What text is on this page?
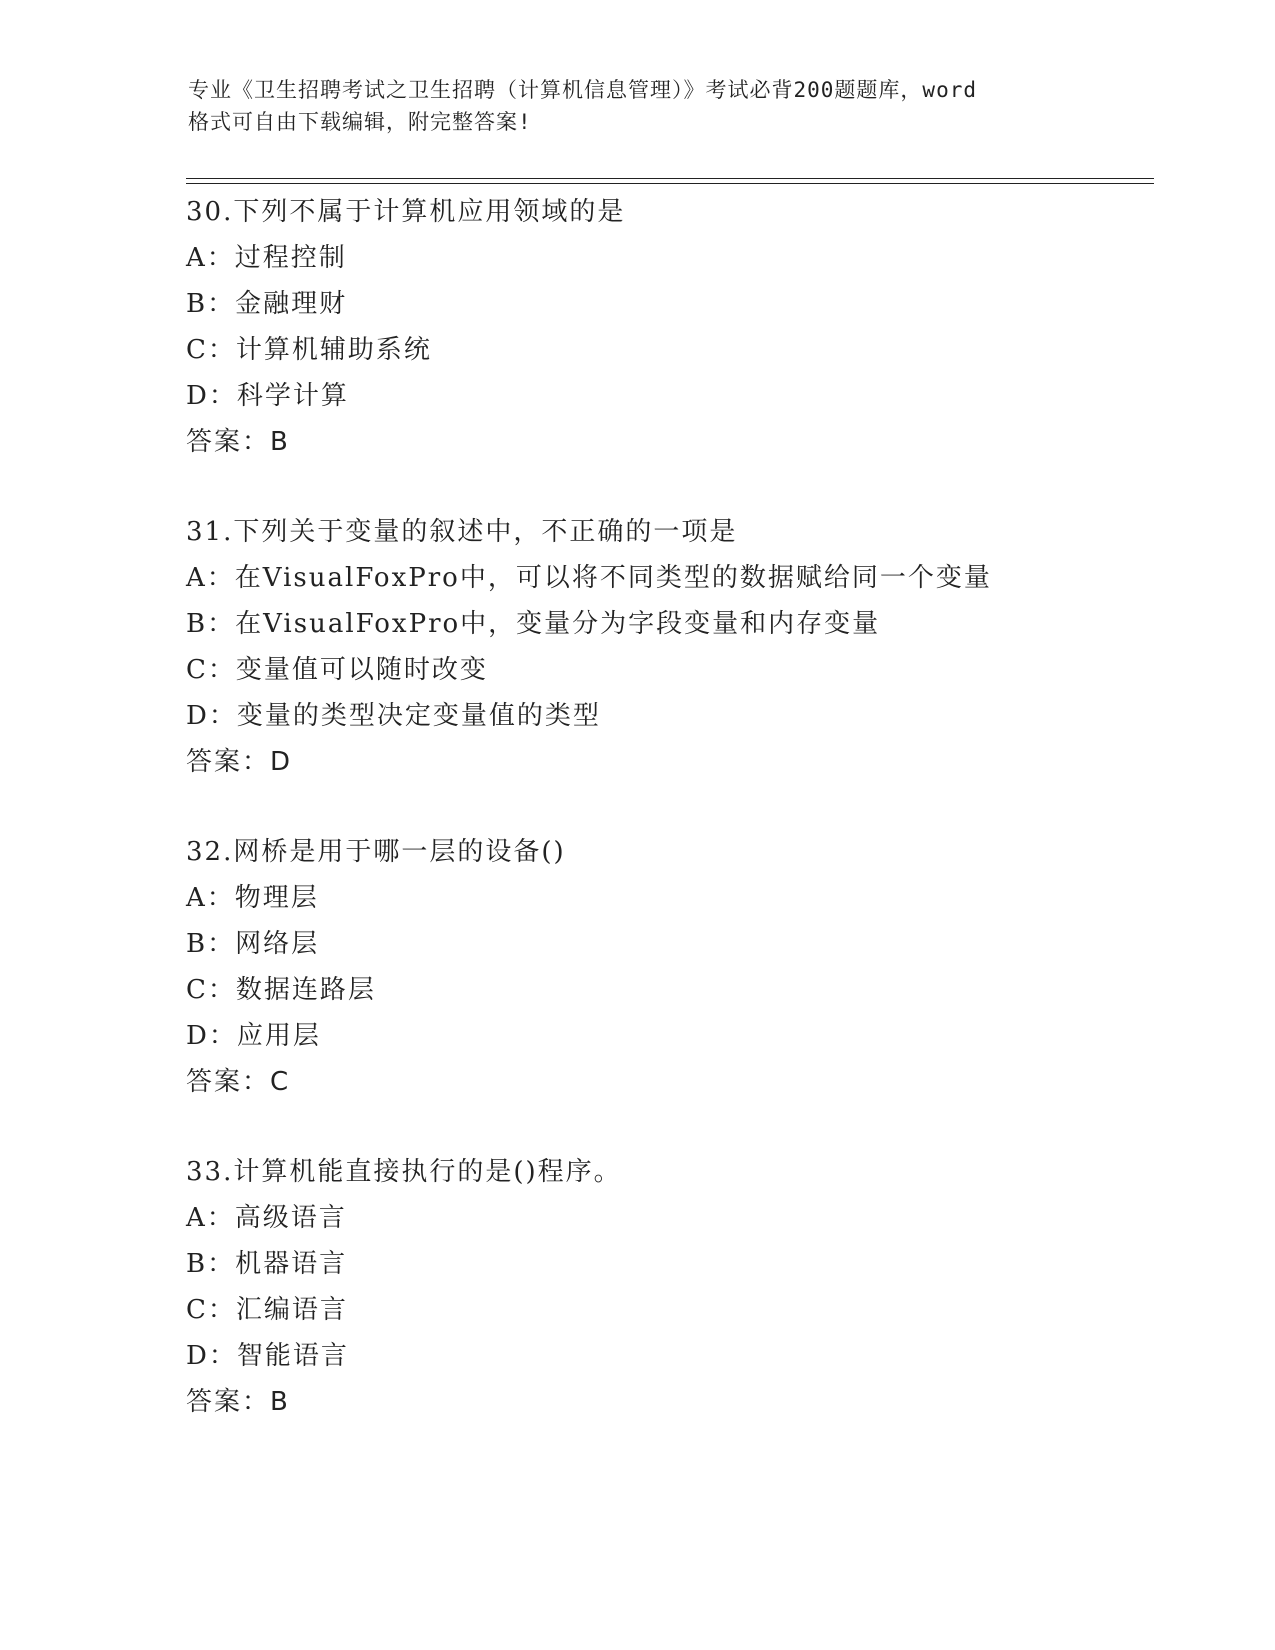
专业《卫生招聘考试之卫生招聘（计算机信息管理）》考试必背200题题库，word
格式可自由下载编辑，附完整答案!
30.下列不属于计算机应用领域的是
A：过程控制
B：金融理财
C：计算机辅助系统
D：科学计算
答案：B
31.下列关于变量的叙述中，不正确的一项是
A：在VisualFoxPro中，可以将不同类型的数据赋给同一个变量
B：在VisualFoxPro中，变量分为字段变量和内存变量
C：变量值可以随时改变
D：变量的类型决定变量值的类型
答案：D
32.网桥是用于哪一层的设备()
A：物理层
B：网络层
C：数据连路层
D：应用层
答案：C
33.计算机能直接执行的是()程序。
A：高级语言
B：机器语言
C：汇编语言
D：智能语言
答案：B
